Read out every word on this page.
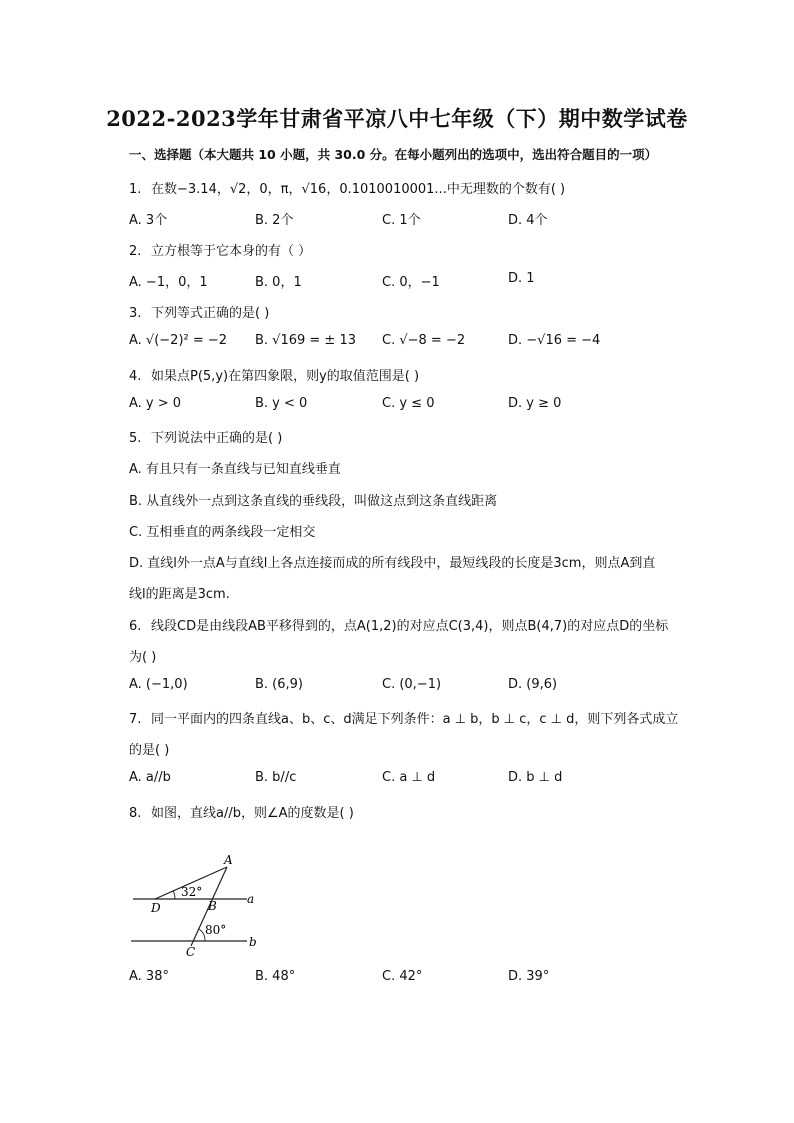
2022-2023学年甘肃省平凉八中七年级（下）期中数学试卷
一、选择题（本大题共 10 小题，共 30.0 分。在每小题列出的选项中，选出符合题目的一项）
1. 在数−3.14，√2，0，π，√16，0.1010010001...中无理数的个数有( )
A. 3个	B. 2个	C. 1个	D. 4个
2. 立方根等于它本身的有（ ）
A. −1，0，1	B. 0，1	C. 0，−1	D. 1
3. 下列等式正确的是( )
A. √(−2)² = −2 B. √169 = ± 13 C. √−8 = −2	D. −√16 = −4
4. 如果点P(5,y)在第四象限，则y的取值范围是( )
A. y > 0	B. y < 0	C. y ≤ 0	D. y ≥ 0
5. 下列说法中正确的是( )
A. 有且只有一条直线与已知直线垂直
B. 从直线外一点到这条直线的垂线段，叫做这点到这条直线距离
C. 互相垂直的两条线段一定相交
D. 直线l外一点A与直线l上各点连接而成的所有线段中，最短线段的长度是3cm，则点A到直
线l的距离是3cm.
6. 线段CD是由线段AB平移得到的，点A(1,2)的对应点C(3,4)，则点B(4,7)的对应点D的坐标
为( )
A. (−1,0)	B. (6,9)	C. (0,−1)	D. (9,6)
7. 同一平面内的四条直线a、b、c、d满足下列条件：a ⊥ b，b ⊥ c，c ⊥ d，则下列各式成立
的是( )
A. a//b	B. b//c	C. a ⊥ d	D. b ⊥ d
8. 如图，直线a//b，则∠A的度数是( )
A
B
C
D
a
b
32°
80°
A. 38°	B. 48°	C. 42°	D. 39°
